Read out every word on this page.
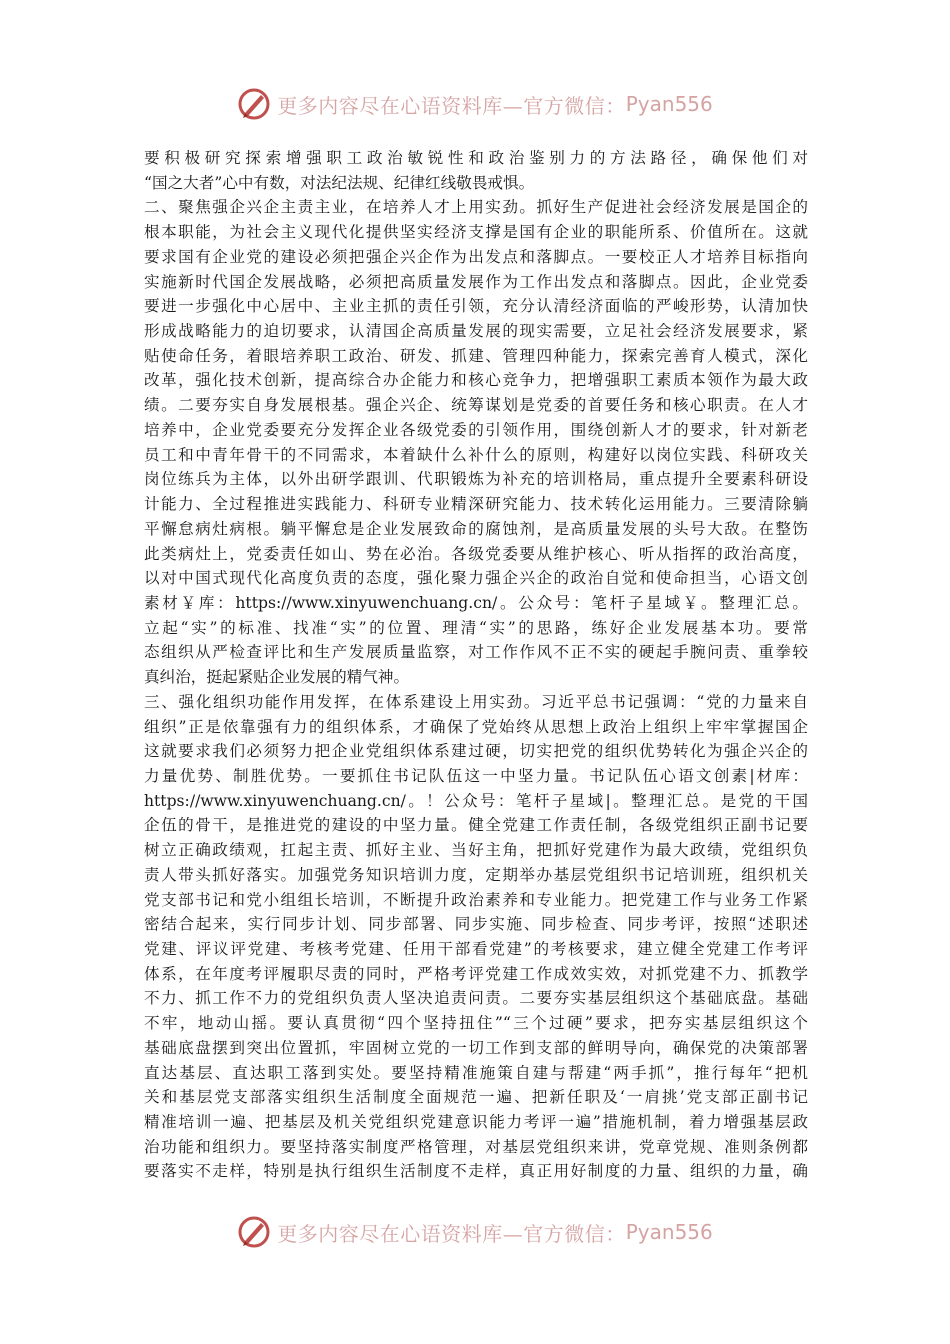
更多内容尽在心语资料库—官方微信： Pyan556
要积极研究探索增强职工政治敏锐性和政治鉴别力的方法路径，确保他们对
“国之大者”心中有数，对法纪法规、纪律红线敬畏戒惧。
二、聚焦强企兴企主责主业，在培养人才上用实劲。抓好生产促进社会经济发展是国企的
根本职能，为社会主义现代化提供坚实经济支撑是国有企业的职能所系、价值所在。这就
要求国有企业党的建设必须把强企兴企作为出发点和落脚点。一要校正人才培养目标指向
实施新时代国企发展战略，必须把高质量发展作为工作出发点和落脚点。因此，企业党委
要进一步强化中心居中、主业主抓的责任引领，充分认清经济面临的严峻形势，认清加快
形成战略能力的迫切要求，认清国企高质量发展的现实需要，立足社会经济发展要求，紧
贴使命任务，着眼培养职工政治、研发、抓建、管理四种能力，探索完善育人模式，深化
改革，强化技术创新，提高综合办企能力和核心竞争力，把增强职工素质本领作为最大政
绩。二要夯实自身发展根基。强企兴企、统筹谋划是党委的首要任务和核心职责。在人才
培养中，企业党委要充分发挥企业各级党委的引领作用，围绕创新人才的要求，针对新老
员工和中青年骨干的不同需求，本着缺什么补什么的原则，构建好以岗位实践、科研攻关
岗位练兵为主体，以外出研学跟训、代职锻炼为补充的培训格局，重点提升全要素科研设
计能力、全过程推进实践能力、科研专业精深研究能力、技术转化运用能力。三要清除躺
平懈怠病灶病根。躺平懈怠是企业发展致命的腐蚀剂，是高质量发展的头号大敌。在整饬
此类病灶上，党委责任如山、势在必治。各级党委要从维护核心、听从指挥的政治高度，
以对中国式现代化高度负责的态度，强化聚力强企兴企的政治自觉和使命担当，心语文创
素材￥库：https://www.xinyuwenchuang.cn/。公众号：笔杆子星域￥。整理汇总。
立起“实”的标准、找准“实”的位置、理清“实”的思路，练好企业发展基本功。要常
态组织从严检查评比和生产发展质量监察，对工作作风不正不实的硬起手腕问责、重拳较
真纠治，挺起紧贴企业发展的精气神。
三、强化组织功能作用发挥，在体系建设上用实劲。习近平总书记强调：“党的力量来自
组织”正是依靠强有力的组织体系，才确保了党始终从思想上政治上组织上牢牢掌握国企
这就要求我们必须努力把企业党组织体系建过硬，切实把党的组织优势转化为强企兴企的
力量优势、制胜优势。一要抓住书记队伍这一中坚力量。书记队伍心语文创素|材库：
https://www.xinyuwenchuang.cn/。！公众号：笔杆子星域|。整理汇总。是党的干国
企伍的骨干，是推进党的建设的中坚力量。健全党建工作责任制，各级党组织正副书记要
树立正确政绩观，扛起主责、抓好主业、当好主角，把抓好党建作为最大政绩，党组织负
责人带头抓好落实。加强党务知识培训力度，定期举办基层党组织书记培训班，组织机关
党支部书记和党小组组长培训，不断提升政治素养和专业能力。把党建工作与业务工作紧
密结合起来，实行同步计划、同步部署、同步实施、同步检查、同步考评，按照“述职述
党建、评议评党建、考核考党建、任用干部看党建”的考核要求，建立健全党建工作考评
体系，在年度考评履职尽责的同时，严格考评党建工作成效实效，对抓党建不力、抓教学
不力、抓工作不力的党组织负责人坚决追责问责。二要夯实基层组织这个基础底盘。基础
不牢，地动山摇。要认真贯彻“四个坚持扭住”“三个过硬”要求，把夯实基层组织这个
基础底盘摆到突出位置抓，牢固树立党的一切工作到支部的鲜明导向，确保党的决策部署
直达基层、直达职工落到实处。要坚持精准施策自建与帮建“两手抓”，推行每年“把机
关和基层党支部落实组织生活制度全面规范一遍、把新任职及‘一肩挑’党支部正副书记
精准培训一遍、把基层及机关党组织党建意识能力考评一遍”措施机制，着力增强基层政
治功能和组织力。要坚持落实制度严格管理，对基层党组织来讲，党章党规、准则条例都
要落实不走样，特别是执行组织生活制度不走样，真正用好制度的力量、组织的力量，确
更多内容尽在心语资料库—官方微信： Pyan556
